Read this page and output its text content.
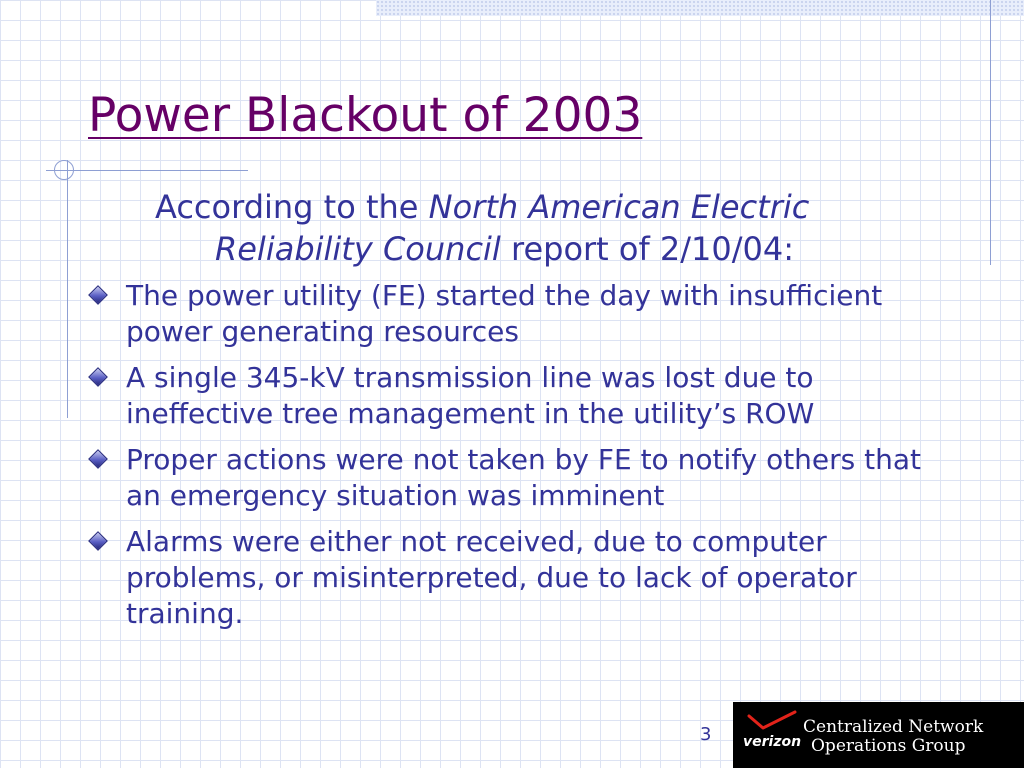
Power Blackout of 2003
According to the North American Electric Reliability Council report of 2/10/04:
The power utility (FE) started the day with insufficient power generating resources
A single 345-kV transmission line was lost due to ineffective tree management in the utility’s ROW
Proper actions were not taken by FE to notify others that an emergency situation was imminent
Alarms were either not received, due to computer problems, or misinterpreted, due to lack of operator training.
3 verizon
Centralized Network
Operations Group
